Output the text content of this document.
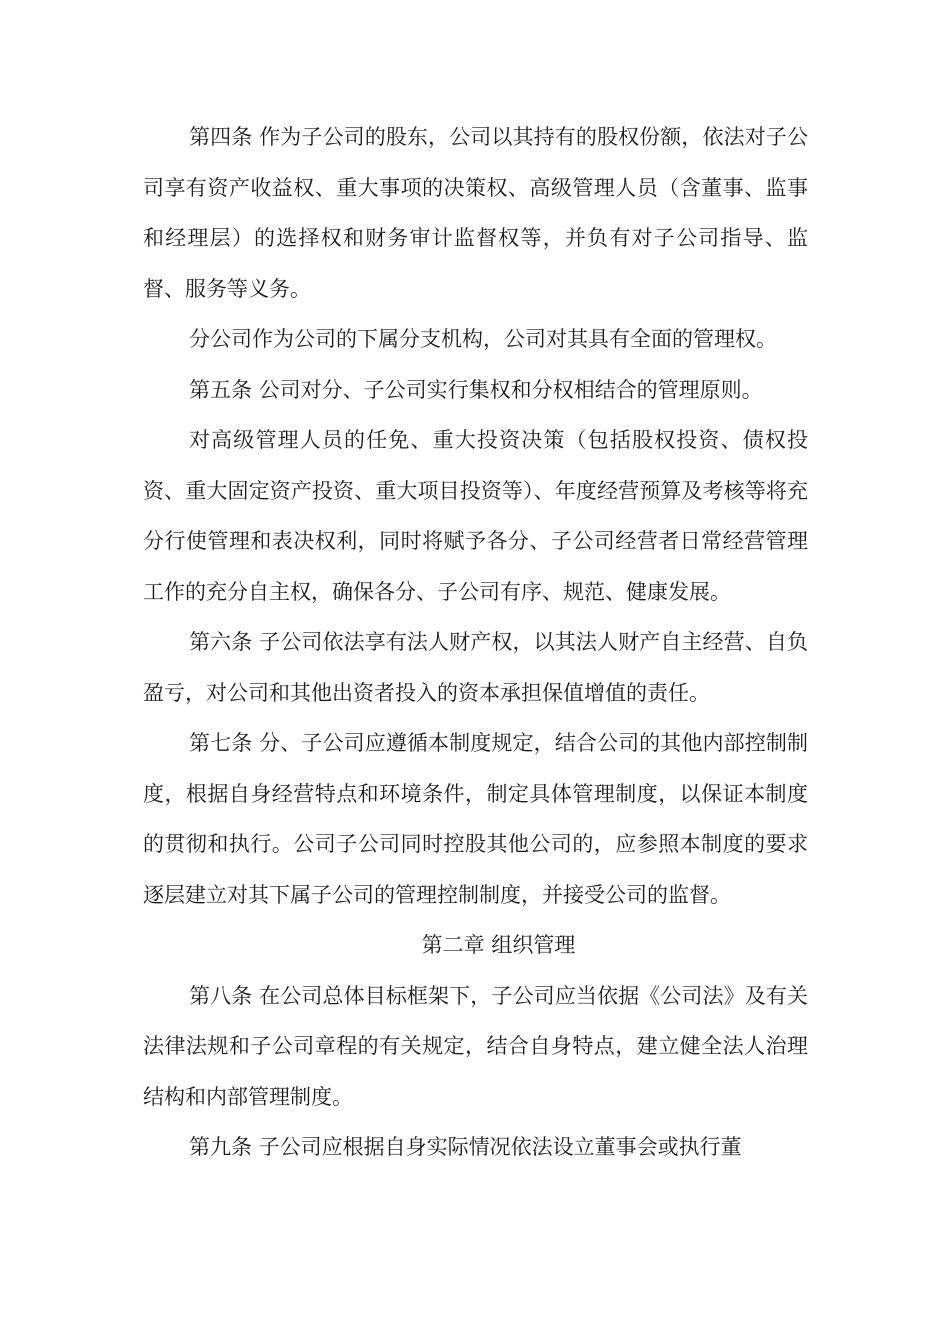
第四条 作为子公司的股东，公司以其持有的股权份额，依法对子公司享有资产收益权、重大事项的决策权、高级管理人员（含董事、监事和经理层）的选择权和财务审计监督权等，并负有对子公司指导、监督、服务等义务。

分公司作为公司的下属分支机构，公司对其具有全面的管理权。

第五条 公司对分、子公司实行集权和分权相结合的管理原则。

对高级管理人员的任免、重大投资决策（包括股权投资、债权投资、重大固定资产投资、重大项目投资等）、年度经营预算及考核等将充分行使管理和表决权利，同时将赋予各分、子公司经营者日常经营管理工作的充分自主权，确保各分、子公司有序、规范、健康发展。

第六条 子公司依法享有法人财产权，以其法人财产自主经营、自负盈亏，对公司和其他出资者投入的资本承担保值增值的责任。

第七条 分、子公司应遵循本制度规定，结合公司的其他内部控制制度，根据自身经营特点和环境条件，制定具体管理制度，以保证本制度的贯彻和执行。公司子公司同时控股其他公司的，应参照本制度的要求逐层建立对其下属子公司的管理控制制度，并接受公司的监督。

第二章 组织管理

第八条 在公司总体目标框架下，子公司应当依据《公司法》及有关法律法规和子公司章程的有关规定，结合自身特点，建立健全法人治理结构和内部管理制度。

第九条 子公司应根据自身实际情况依法设立董事会或执行董
